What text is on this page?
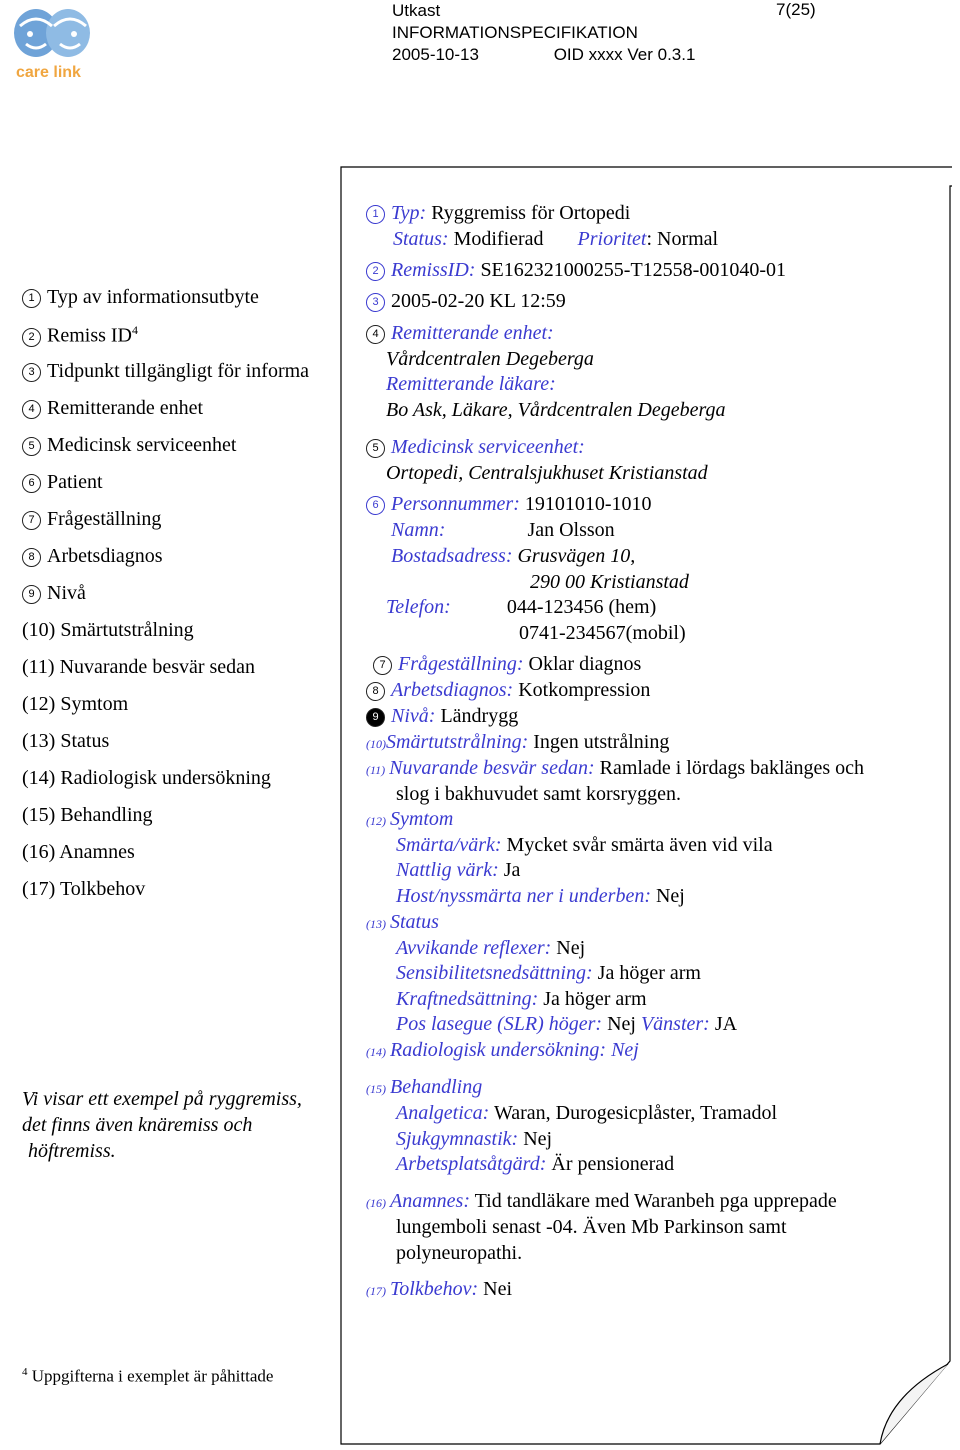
care link
Utkast
INFORMATIONSPECIFIKATION
2005-10-13	OID xxxx Ver 0.3.1
7(25)
1 Typ av informationsutbyte
2 Remiss $ID^4$
3 Tidpunkt tillgängligt för informa
4 Remitterande enhet
5 Medicinsk serviceenhet
6 Patient
7 Frågeställning
8 Arbetsdiagnos
9 Nivå
(10) Smärtutstrålning
(11) Nuvarande besvär sedan
(12) Symtom
(13) Status
(14) Radiologisk undersökning
(15) Behandling
(16) Anamnes
(17) Tolkbehov
Vi visar ett exempel på ryggremiss,
det finns även knäremiss och
höftremiss.
$^4$ Uppgifterna i exemplet är påhittade
1 Typ: Ryggremiss för Ortopedi
Status: Modifierad Prioritet: Normal
2 RemissID: SE162321000255-T12558-001040-01
3 2005-02-20 KL 12:59
4 Remitterande enhet:
Vårdcentralen Degeberga
Remitterande läkare:
Bo Ask, Läkare, Vårdcentralen Degeberga
5 Medicinsk serviceenhet:
Ortopedi, Centralsjukhuset Kristianstad
6 Personnummer: 19101010-1010
Namn:	Jan Olsson
Bostadsadress: Grusvägen 10,
290 00 Kristianstad
Telefon:	044-123456 (hem)
0741-234567(mobil)
7 Frågeställning: Oklar diagnos
8 Arbetsdiagnos: Kotkompression
9 Nivå: Ländrygg
(10)Smärtutstrålning: Ingen utstrålning
(11) Nuvarande besvär sedan: Ramlade i lördags baklänges och
slog i bakhuvudet samt korsryggen.
(12) Symtom
Smärta/värk: Mycket svår smärta även vid vila
Nattlig värk: Ja
Host/nyssmärta ner i underben: Nej
(13) Status
Avvikande reflexer: Nej
Sensibilitetsnedsättning: Ja höger arm
Kraftnedsättning: Ja höger arm
Pos lasegue (SLR) höger: Nej Vänster: JA
(14) Radiologisk undersökning: Nej
(15) Behandling
Analgetica: Waran, Durogesicplåster, Tramadol
Sjukgymnastik: Nej
Arbetsplatsåtgärd: Är pensionerad
(16) Anamnes: Tid tandläkare med Waranbeh pga upprepade
lungemboli senast -04. Även Mb Parkinson samt
polyneuropathi.
(17) Tolkbehov: Nei
